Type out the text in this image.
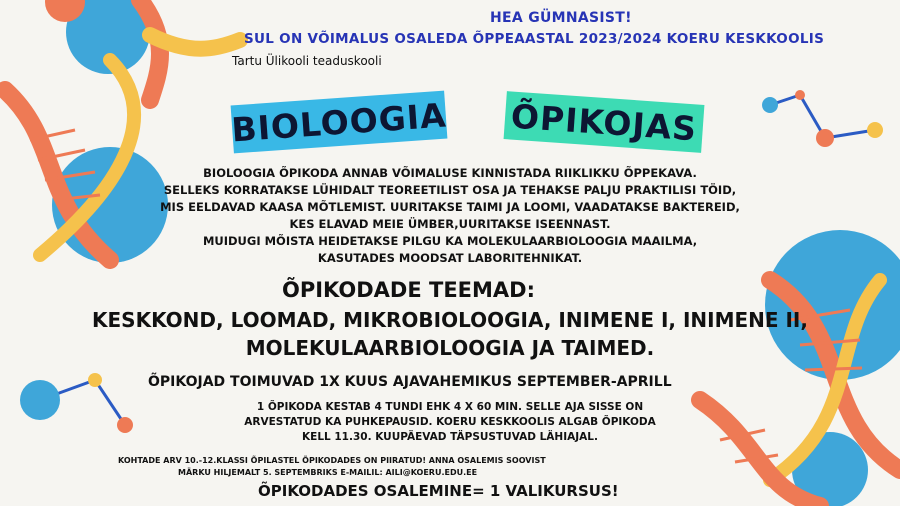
HEA GÜMNASIST!
SUL ON VÕIMALUS OSALEDA ÕPPEAASTAL 2023/2024 KOERU KESKKOOLIS
Tartu Ülikooli teaduskooli
BIOLOOGIA ÕPIKOJAS
BIOLOOGIA ÕPIKODA ANNAB VÕIMALUSE KINNISTADA RIIKLIKKU ÕPPEKAVA.
SELLEKS KORRATAKSE LÜHIDALT TEOREETILIST OSA JA TEHAKSE PALJU PRAKTILISI TÖID,
MIS EELDAVAD KAASA MÕTLEMIST. UURITAKSE TAIMI JA LOOMI, VAADATAKSE BAKTEREID,
KES ELAVAD MEIE ÜMBER,UURITAKSE ISEENNAST.
MUIDUGI MÕISTA HEIDETAKSE PILGU KA MOLEKULAARBIOLOOGIA MAAILMA,
KASUTADES MOODSAT LABORITEHNIKAT.
ÕPIKODADE TEEMAD:
KESKKOND, LOOMAD, MIKROBIOLOOGIA, INIMENE I, INIMENE II,
MOLEKULAARBIOLOOGIA JA TAIMED.
ÕPIKOJAD TOIMUVAD 1X KUUS AJAVAHEMIKUS SEPTEMBER-APRILL
1 ÕPIKODA KESTAB 4 TUNDI EHK 4 X 60 MIN. SELLE AJA SISSE ON
ARVESTATUD KA PUHKEPAUSID. KOERU KESKKOOLIS ALGAB ÕPIKODA
KELL 11.30. KUUPÄEVAD TÄPSUSTUVAD LÄHIAJAL.
KOHTADE ARV 10.-12.KLASSI ÕPILASTEL ÕPIKODADES ON PIIRATUD! ANNA OSALEMIS SOOVIST
MÄRKU HILJEMALT 5. SEPTEMBRIKS E-MAILIL: AILI@KOERU.EDU.EE
ÕPIKODADES OSALEMINE= 1 VALIKURSUS!
